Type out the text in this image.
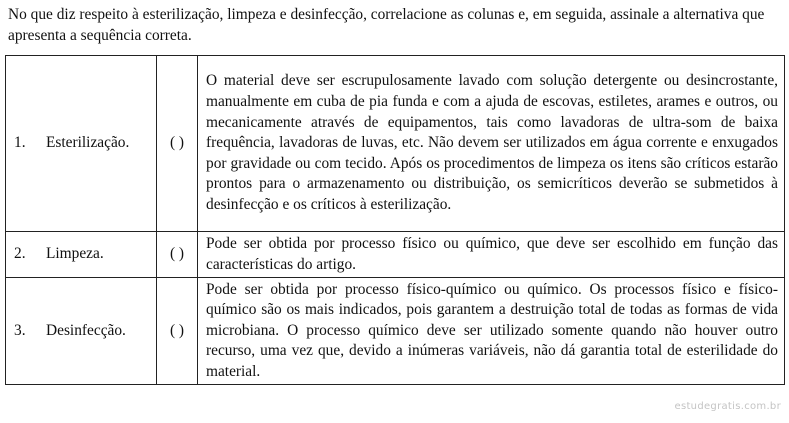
No que diz respeito à esterilização, limpeza e desinfecção, correlacione as colunas e, em seguida, assinale a alternativa que apresenta a sequência correta.

1. Esterilização.	( )	O material deve ser escrupulosamente lavado com solução detergente ou desincrostante, manualmente em cuba de pia funda e com a ajuda de escovas, estiletes, arames e outros, ou mecanicamente através de equipamentos, tais como lavadoras de ultra-som de baixa frequência, lavadoras de luvas, etc. Não devem ser utilizados em água corrente e enxugados por gravidade ou com tecido. Após os procedimentos de limpeza os itens são críticos estarão prontos para o armazenamento ou distribuição, os semicríticos deverão se submetidos à desinfecção e os críticos à esterilização.

2. Limpeza.	( )	Pode ser obtida por processo físico ou químico, que deve ser escolhido em função das características do artigo.

3. Desinfecção.	( )	Pode ser obtida por processo físico-químico ou químico. Os processos físico e físico-químico são os mais indicados, pois garantem a destruição total de todas as formas de vida microbiana. O processo químico deve ser utilizado somente quando não houver outro recurso, uma vez que, devido a inúmeras variáveis, não dá garantia total de esterilidade do material.
estudegratis.com.br
